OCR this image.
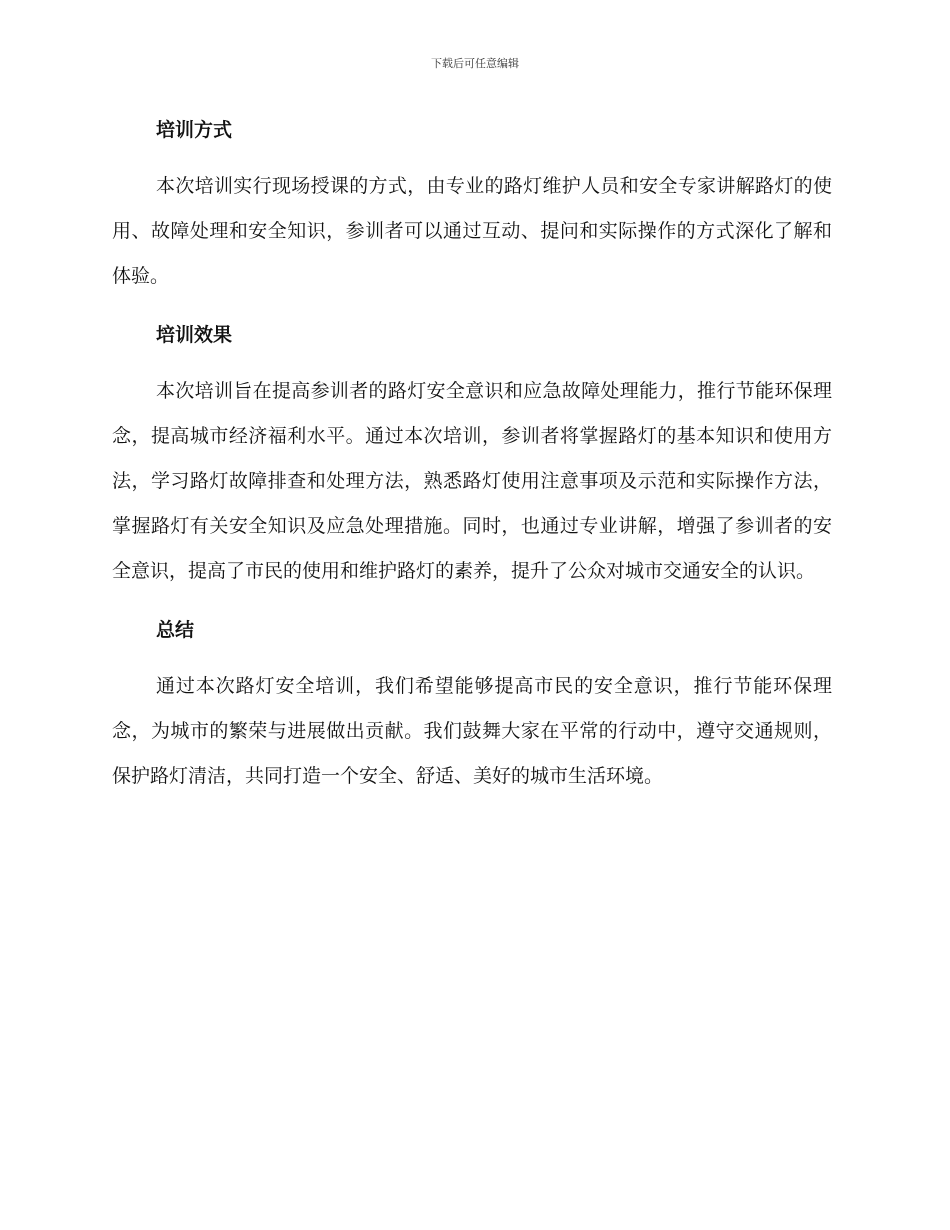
下载后可任意编辑
培训方式

本次培训实行现场授课的方式，由专业的路灯维护人员和安全专家讲解路灯的使用、故障处理和安全知识，参训者可以通过互动、提问和实际操作的方式深化了解和体验。

培训效果

本次培训旨在提高参训者的路灯安全意识和应急故障处理能力，推行节能环保理念，提高城市经济福利水平。通过本次培训，参训者将掌握路灯的基本知识和使用方法，学习路灯故障排查和处理方法，熟悉路灯使用注意事项及示范和实际操作方法，掌握路灯有关安全知识及应急处理措施。同时，也通过专业讲解，增强了参训者的安全意识，提高了市民的使用和维护路灯的素养，提升了公众对城市交通安全的认识。

总结

通过本次路灯安全培训，我们希望能够提高市民的安全意识，推行节能环保理念，为城市的繁荣与进展做出贡献。我们鼓舞大家在平常的行动中，遵守交通规则，保护路灯清洁，共同打造一个安全、舒适、美好的城市生活环境。
